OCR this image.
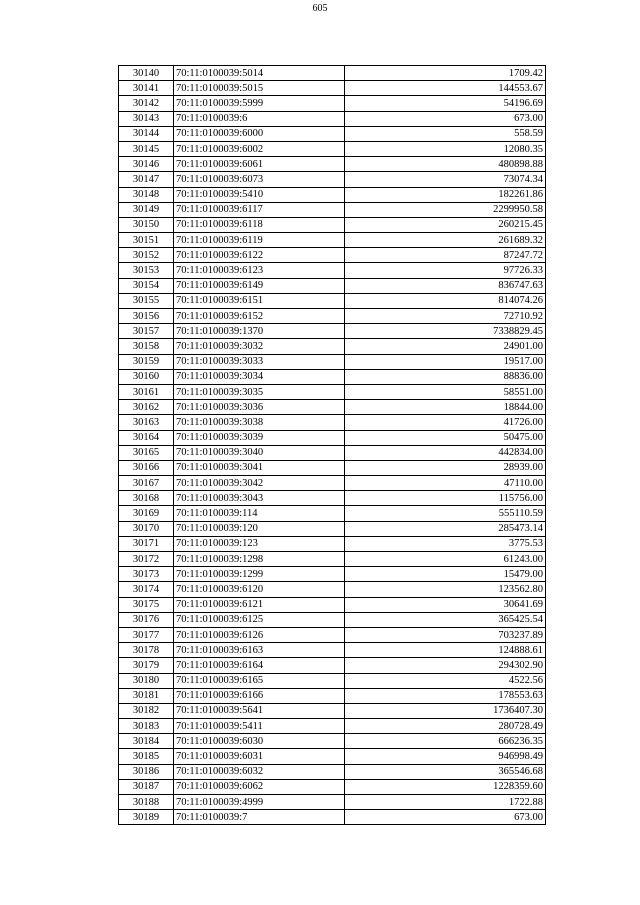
605
30140	70:11:0100039:5014	1709.42
30141	70:11:0100039:5015	144553.67
30142	70:11:0100039:5999	54196.69
30143	70:11:0100039:6	673.00
30144	70:11:0100039:6000	558.59
30145	70:11:0100039:6002	12080.35
30146	70:11:0100039:6061	480898.88
30147	70:11:0100039:6073	73074.34
30148	70:11:0100039:5410	182261.86
30149	70:11:0100039:6117	2299950.58
30150	70:11:0100039:6118	260215.45
30151	70:11:0100039:6119	261689.32
30152	70:11:0100039:6122	87247.72
30153	70:11:0100039:6123	97726.33
30154	70:11:0100039:6149	836747.63
30155	70:11:0100039:6151	814074.26
30156	70:11:0100039:6152	72710.92
30157	70:11:0100039:1370	7338829.45
30158	70:11:0100039:3032	24901.00
30159	70:11:0100039:3033	19517.00
30160	70:11:0100039:3034	88836.00
30161	70:11:0100039:3035	58551.00
30162	70:11:0100039:3036	18844.00
30163	70:11:0100039:3038	41726.00
30164	70:11:0100039:3039	50475.00
30165	70:11:0100039:3040	442834.00
30166	70:11:0100039:3041	28939.00
30167	70:11:0100039:3042	47110.00
30168	70:11:0100039:3043	115756.00
30169	70:11:0100039:114	555110.59
30170	70:11:0100039:120	285473.14
30171	70:11:0100039:123	3775.53
30172	70:11:0100039:1298	61243.00
30173	70:11:0100039:1299	15479.00
30174	70:11:0100039:6120	123562.80
30175	70:11:0100039:6121	30641.69
30176	70:11:0100039:6125	365425.54
30177	70:11:0100039:6126	703237.89
30178	70:11:0100039:6163	124888.61
30179	70:11:0100039:6164	294302.90
30180	70:11:0100039:6165	4522.56
30181	70:11:0100039:6166	178553.63
30182	70:11:0100039:5641	1736407.30
30183	70:11:0100039:5411	280728.49
30184	70:11:0100039:6030	666236.35
30185	70:11:0100039:6031	946998.49
30186	70:11:0100039:6032	365546.68
30187	70:11:0100039:6062	1228359.60
30188	70:11:0100039:4999	1722.88
30189	70:11:0100039:7	673.00
